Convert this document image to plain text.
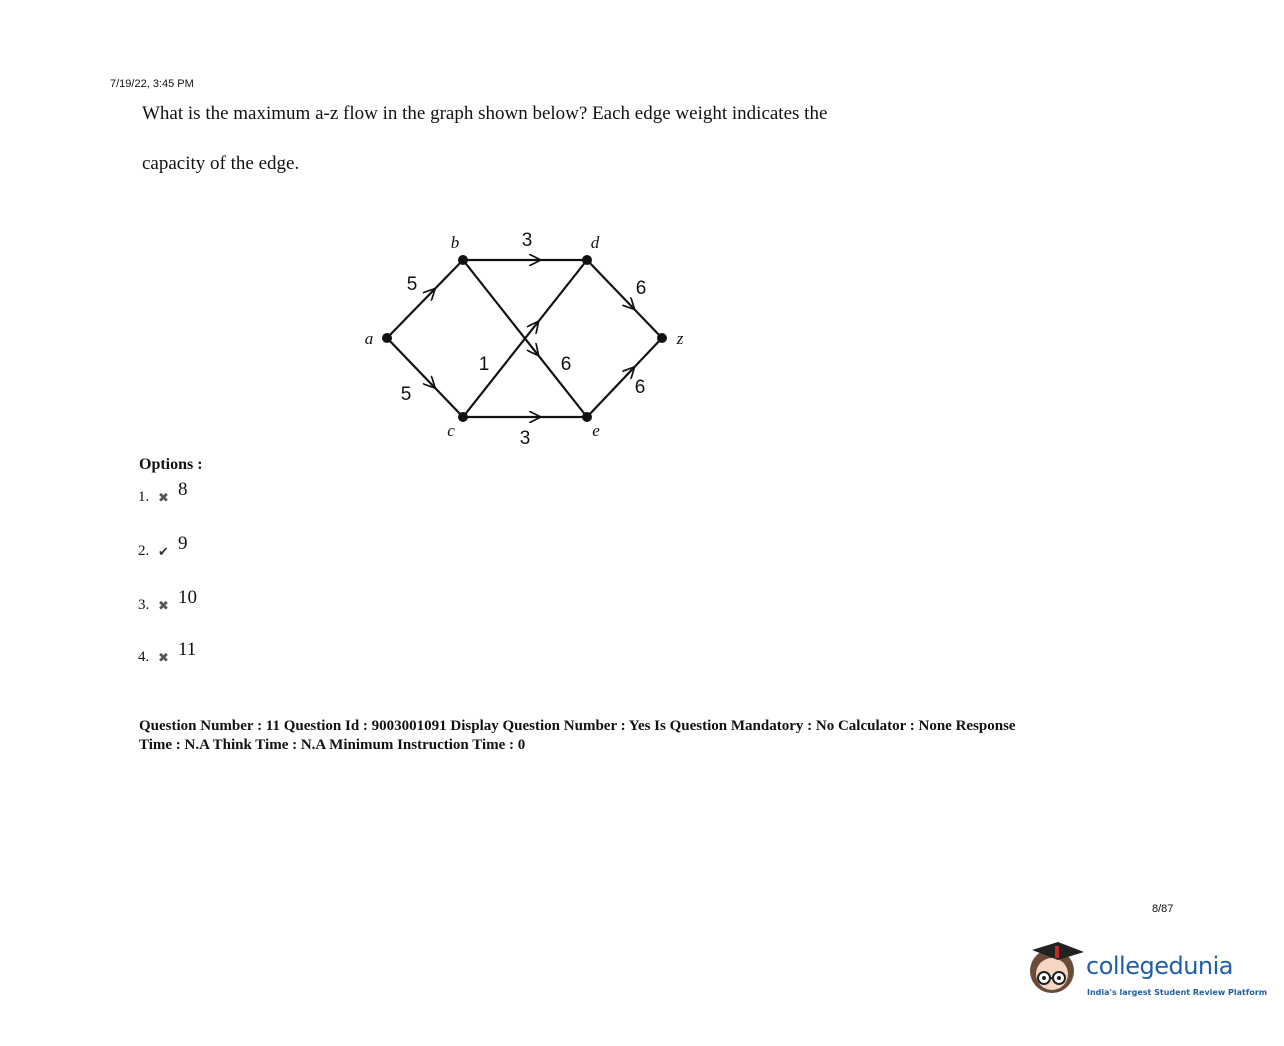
7/19/22, 3:45 PM
What is the maximum a-z flow in the graph shown below? Each edge weight indicates the
capacity of the edge.
5
5
3
6
1
3
6
6
a
b
c
d
e
z
Options :
1. ✖ 8
2. ✔ 9
3. ✖ 10
4. ✖ 11
Question Number : 11 Question Id : 9003001091 Display Question Number : Yes Is Question Mandatory : No Calculator : None Response
Time : N.A Think Time : N.A Minimum Instruction Time : 0
8/87
collegedunia
India's largest Student Review Platform
